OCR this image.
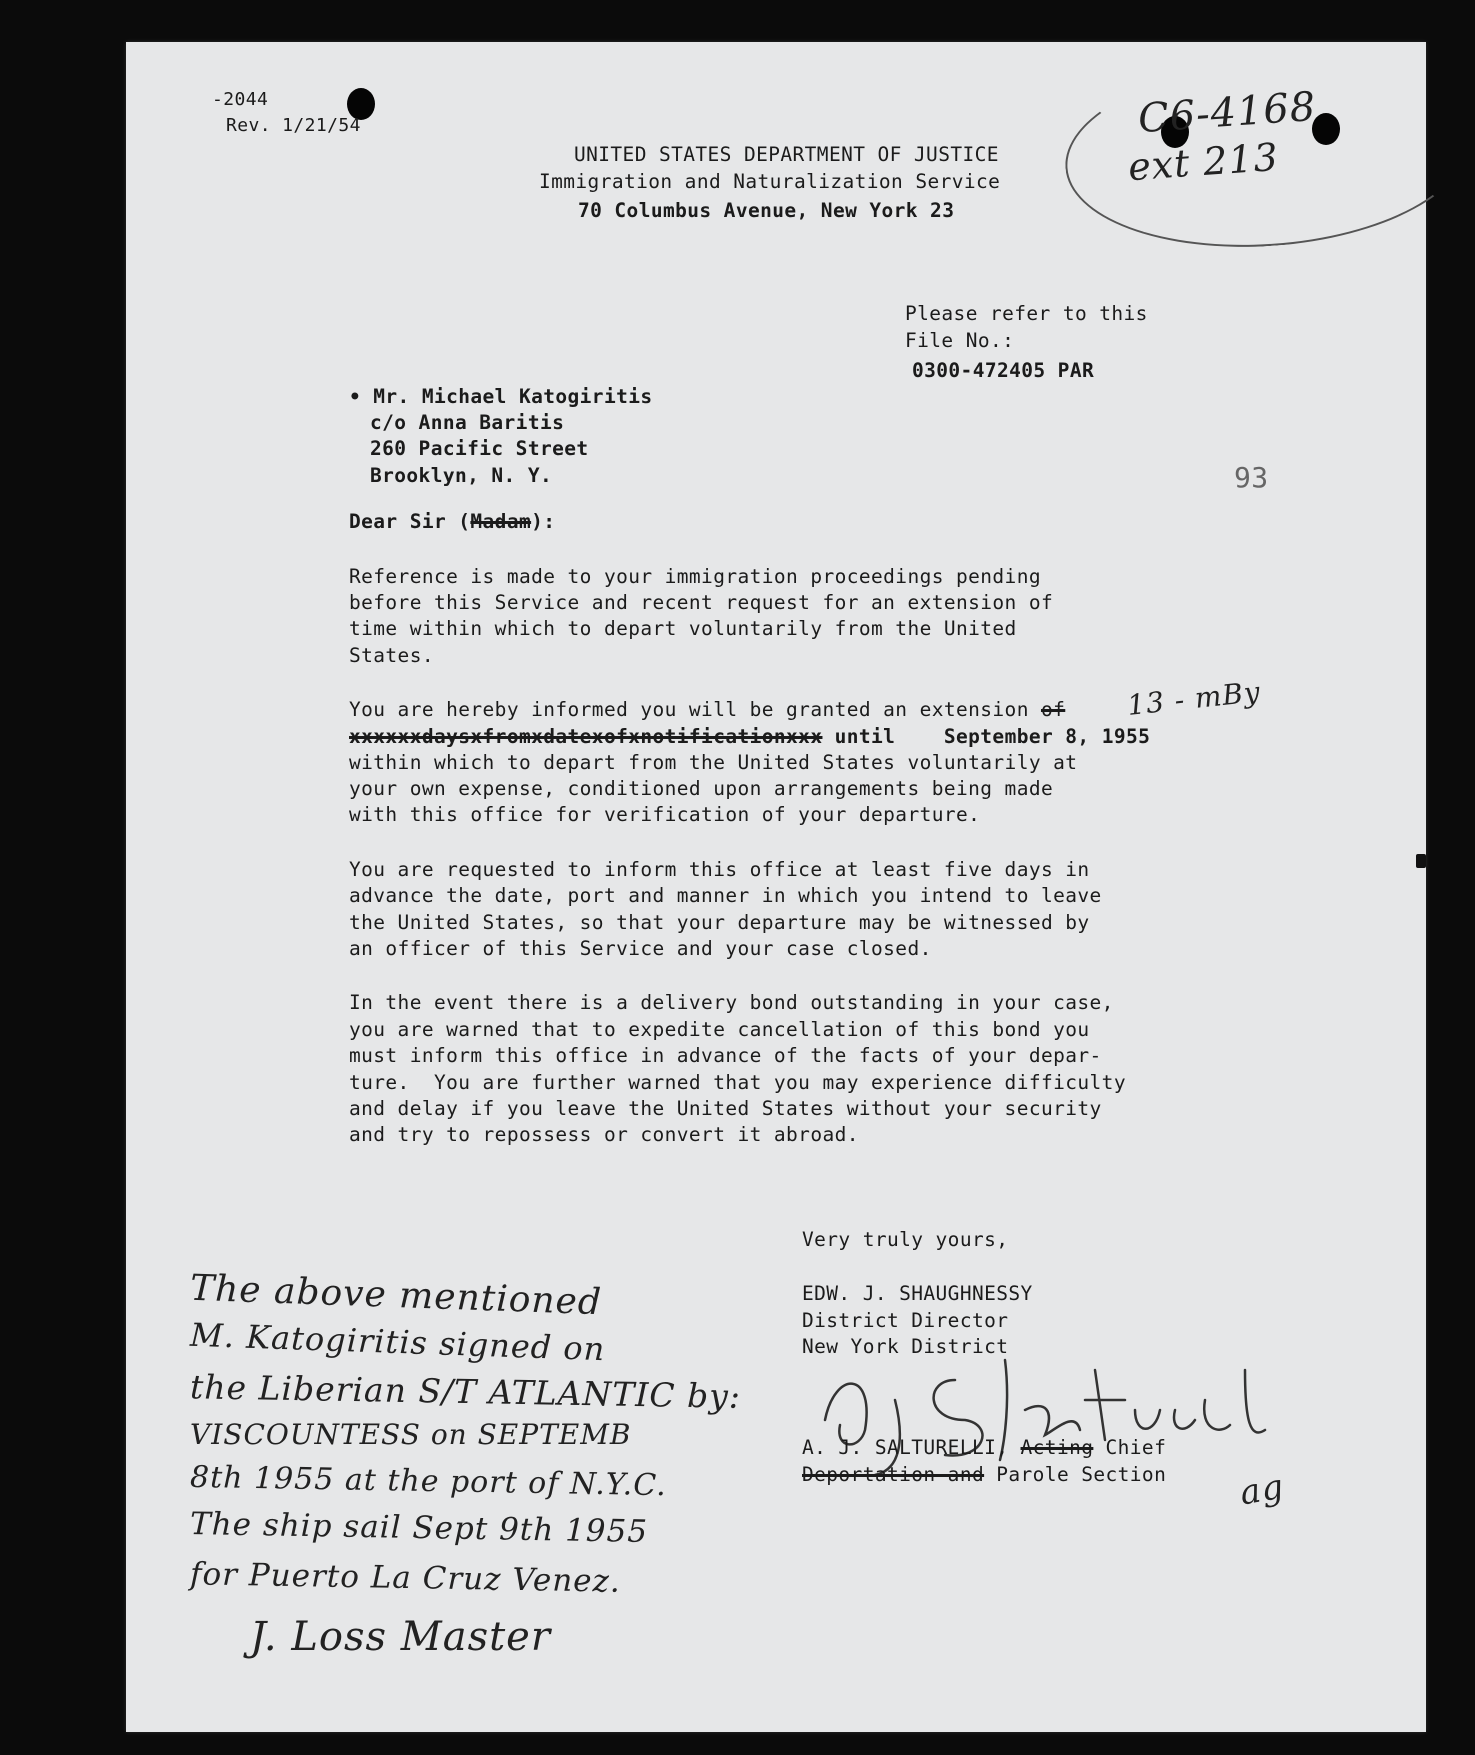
-2044
Rev. 1/21/54
UNITED STATES DEPARTMENT OF JUSTICE
Immigration and Naturalization Service
70 Columbus Avenue, New York 23
C6-4168
ext 213
Please refer to this
File No.:
0300-472405 PAR
• Mr. Michael Katogiritis
c/o Anna Baritis
260 Pacific Street
Brooklyn, N. Y.	93
Dear Sir (Madam):
Reference is made to your immigration proceedings pending
before this Service and recent request for an extension of
time within which to depart voluntarily from the United
States.
You are hereby informed you will be granted an extension of 13 - mBy
xxxxxxdaysxfromxdatexofxnotificationxxx until    September 8, 1955
within which to depart from the United States voluntarily at
your own expense, conditioned upon arrangements being made
with this office for verification of your departure.
You are requested to inform this office at least five days in
advance the date, port and manner in which you intend to leave
the United States, so that your departure may be witnessed by
an officer of this Service and your case closed.
In the event there is a delivery bond outstanding in your case,
you are warned that to expedite cancellation of this bond you
must inform this office in advance of the facts of your depar-
ture.  You are further warned that you may experience difficulty
and delay if you leave the United States without your security
and try to repossess or convert it abroad.
Very truly yours,
EDW. J. SHAUGHNESSY
District Director
New York District
A. J. SALTURELLI, Acting Chief
Deportation and Parole Section ag
The above mentioned
M. Katogiritis signed on
the Liberian S/T ATLANTIC by:
VISCOUNTESS on SEPTEMB
8th 1955 at the port of N.Y.C.
The ship sail Sept 9th 1955
for Puerto La Cruz Venez.
J. Loss Master
